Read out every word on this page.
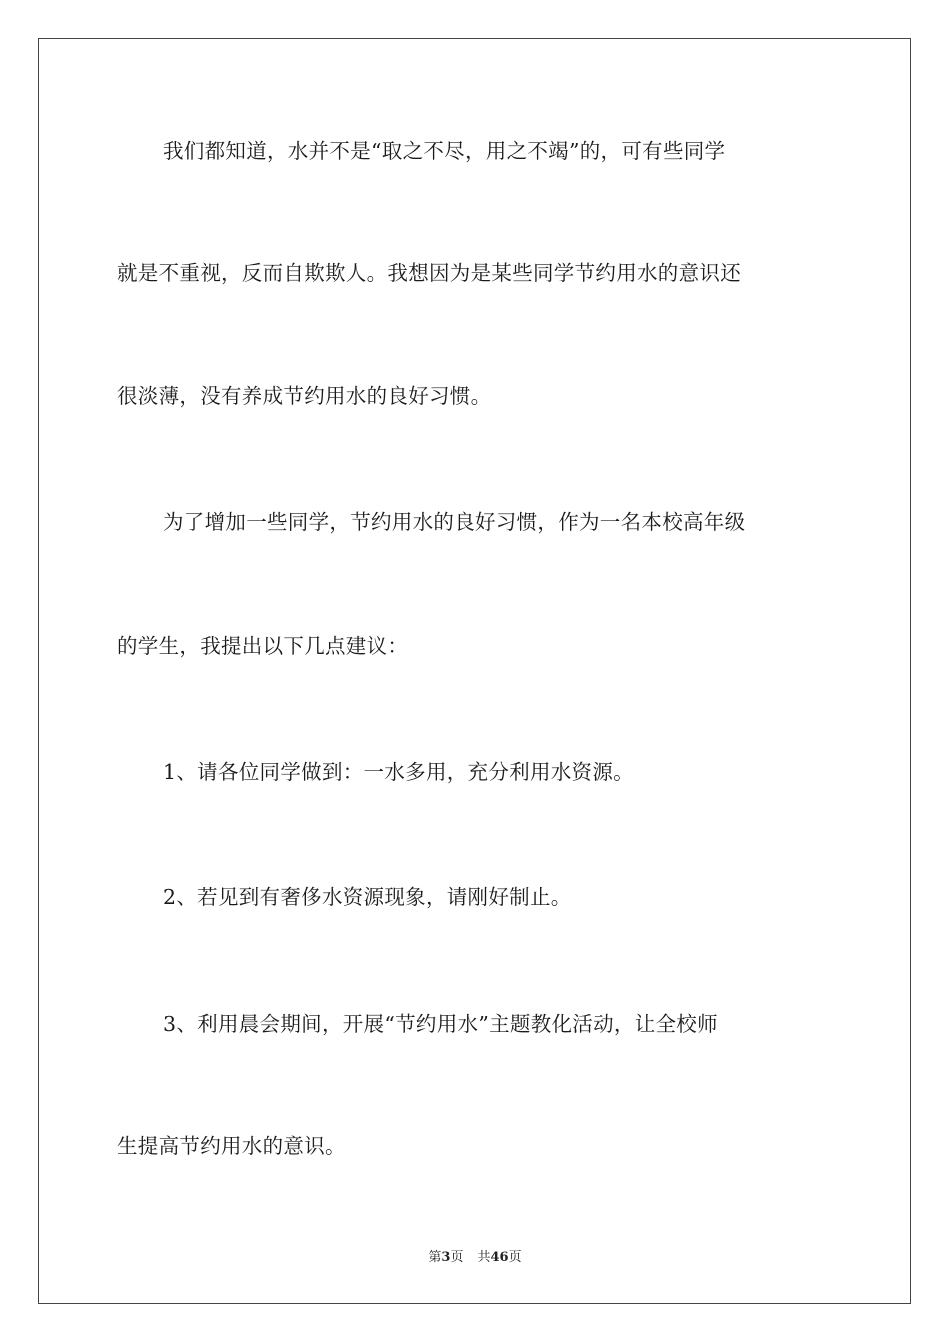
我们都知道，水并不是“取之不尽，用之不竭”的，可有些同学
就是不重视，反而自欺欺人。我想因为是某些同学节约用水的意识还
很淡薄，没有养成节约用水的良好习惯。
为了增加一些同学，节约用水的良好习惯，作为一名本校高年级
的学生，我提出以下几点建议：
1、请各位同学做到：一水多用，充分利用水资源。
2、若见到有奢侈水资源现象，请刚好制止。
3、利用晨会期间，开展“节约用水”主题教化活动，让全校师
生提高节约用水的意识。
第3页 共46页
